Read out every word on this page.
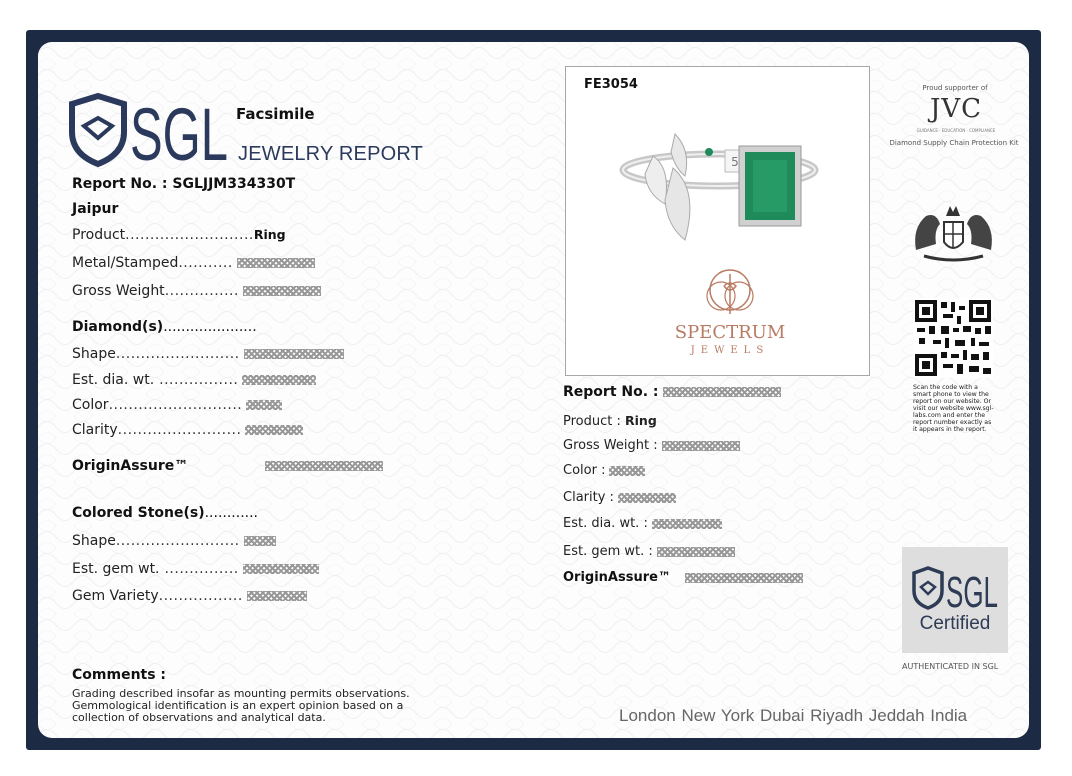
SGL Facsimile
JEWELRY REPORT
Report No. : SGLJJM334330T
Jaipur
Product..........................Ring
Metal/Stamped...........
Gross Weight...............
Diamond(s).....................
Shape.........................
Est. dia. wt. ................
Color...........................
Clarity.........................
OriginAssure™
Colored Stone(s)............
Shape.........................
Est. gem wt. ...............
Gem Variety.................
Comments :
Grading described insofar as mounting permits observations.
Gemmological identification is an expert opinion based on a
collection of observations and analytical data.
FE3054
5
SPECTRUM
JEWELS
Report No. :
Product : Ring
Gross Weight :
Color :
Clarity :
Est. dia. wt. :
Est. gem wt. :
OriginAssure™
Proud supporter of
JVC
GUIDANCE · EDUCATION · COMPLIANCE
Diamond Supply Chain Protection Kit
Scan the code with a smart phone to view the report on our website. Or visit our website www.sgl-labs.com and enter the report number exactly as it appears in the report.
SGL
Certified
AUTHENTICATED IN SGL
London New York Dubai Riyadh Jeddah India
